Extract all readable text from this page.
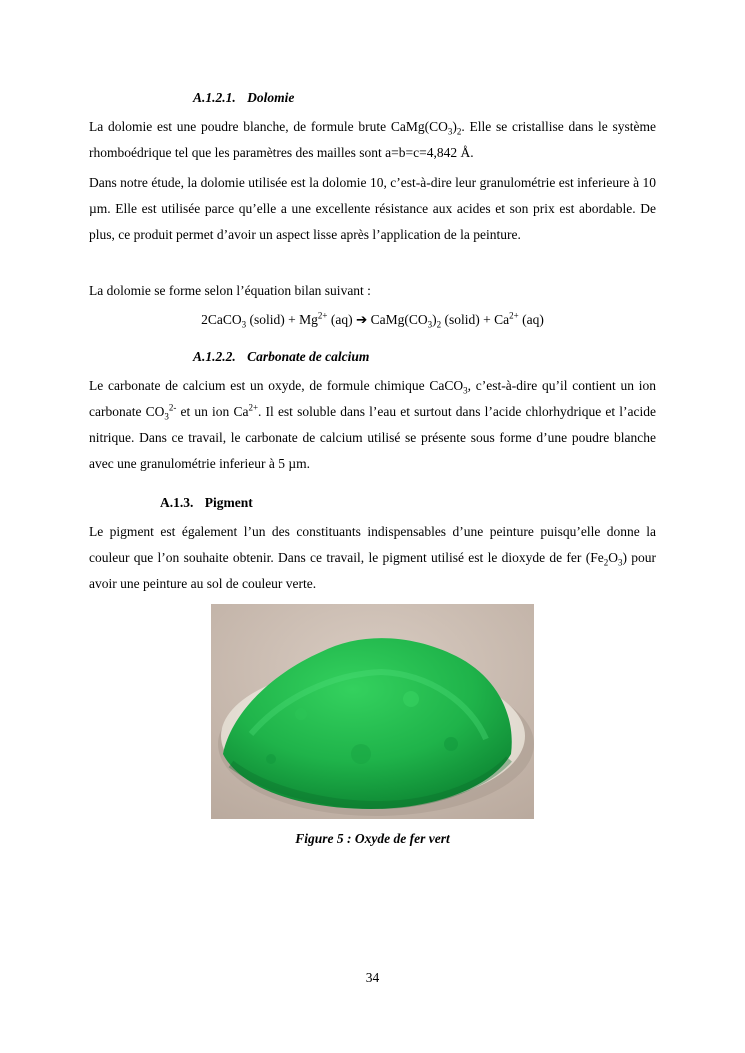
A.1.2.1. Dolomie

La dolomie est une poudre blanche, de formule brute $CaMg(CO_3)_2$. Elle se cristallise dans le système rhomboédrique tel que les paramètres des mailles sont a=b=c=4,842 Å.

Dans notre étude, la dolomie utilisée est la dolomie 10, c’est-à-dire leur granulométrie est inferieure à 10 µm. Elle est utilisée parce qu’elle a une excellente résistance aux acides et son prix est abordable. De plus, ce produit permet d’avoir un aspect lisse après l’application de la peinture.

La dolomie se forme selon l’équation bilan suivant :

2CaCO$_3$ (solid) + $Mg^{2+}$ (aq) ➔ $CaMg(CO_3)_2$ (solid) + $Ca^{2+}$ (aq)
A.1.2.2. Carbonate de calcium

Le carbonate de calcium est un oxyde, de formule chimique CaCO$_3$, c’est-à-dire qu’il contient un ion carbonate $CO_3^{2-}$ et un ion $Ca^{2+}$. Il est soluble dans l’eau et surtout dans l’acide chlorhydrique et l’acide nitrique. Dans ce travail, le carbonate de calcium utilisé se présente sous forme d’une poudre blanche avec une granulométrie inferieur à 5 µm.

A.1.3. Pigment

Le pigment est également l’un des constituants indispensables d’une peinture puisqu’elle donne la couleur que l’on souhaite obtenir. Dans ce travail, le pigment utilisé est le dioxyde de fer $(Fe_2O_3)$ pour avoir une peinture au sol de couleur verte.

Figure 5 : Oxyde de fer vert
34
